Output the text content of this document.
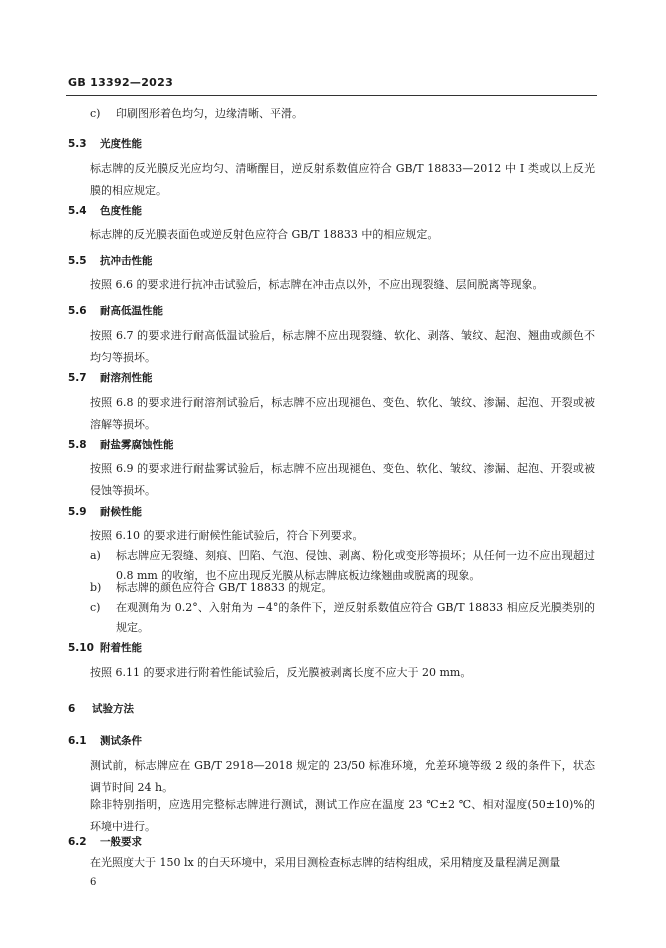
GB 13392—2023
c) 印刷图形着色均匀，边缘清晰、平滑。
5.3 光度性能
标志牌的反光膜反光应均匀、清晰醒目，逆反射系数值应符合 GB/T 18833—2012 中 Ⅰ 类或以上反光膜的相应规定。
5.4 色度性能
标志牌的反光膜表面色或逆反射色应符合 GB/T 18833 中的相应规定。
5.5 抗冲击性能
按照 6.6 的要求进行抗冲击试验后，标志牌在冲击点以外，不应出现裂缝、层间脱离等现象。
5.6 耐高低温性能
按照 6.7 的要求进行耐高低温试验后，标志牌不应出现裂缝、软化、剥落、皱纹、起泡、翘曲或颜色不均匀等损坏。
5.7 耐溶剂性能
按照 6.8 的要求进行耐溶剂试验后，标志牌不应出现褪色、变色、软化、皱纹、渗漏、起泡、开裂或被溶解等损坏。
5.8 耐盐雾腐蚀性能
按照 6.9 的要求进行耐盐雾试验后，标志牌不应出现褪色、变色、软化、皱纹、渗漏、起泡、开裂或被侵蚀等损坏。
5.9 耐候性能
按照 6.10 的要求进行耐候性能试验后，符合下列要求。
a) 标志牌应无裂缝、刻痕、凹陷、气泡、侵蚀、剥离、粉化或变形等损坏；从任何一边不应出现超过 0.8 mm 的收缩，也不应出现反光膜从标志牌底板边缘翘曲或脱离的现象。
b) 标志牌的颜色应符合 GB/T 18833 的规定。
c) 在观测角为 0.2°、入射角为 −4°的条件下，逆反射系数值应符合 GB/T 18833 相应反光膜类别的规定。
5.10 附着性能
按照 6.11 的要求进行附着性能试验后，反光膜被剥离长度不应大于 20 mm。
6 试验方法
6.1 测试条件
测试前，标志牌应在 GB/T 2918—2018 规定的 23/50 标准环境，允差环境等级 2 级的条件下，状态调节时间 24 h。
除非特别指明，应选用完整标志牌进行测试，测试工作应在温度 23 ℃±2 ℃、相对湿度(50±10)%的环境中进行。
6.2 一般要求
在光照度大于 150 lx 的白天环境中，采用目测检查标志牌的结构组成，采用精度及量程满足测量
6
